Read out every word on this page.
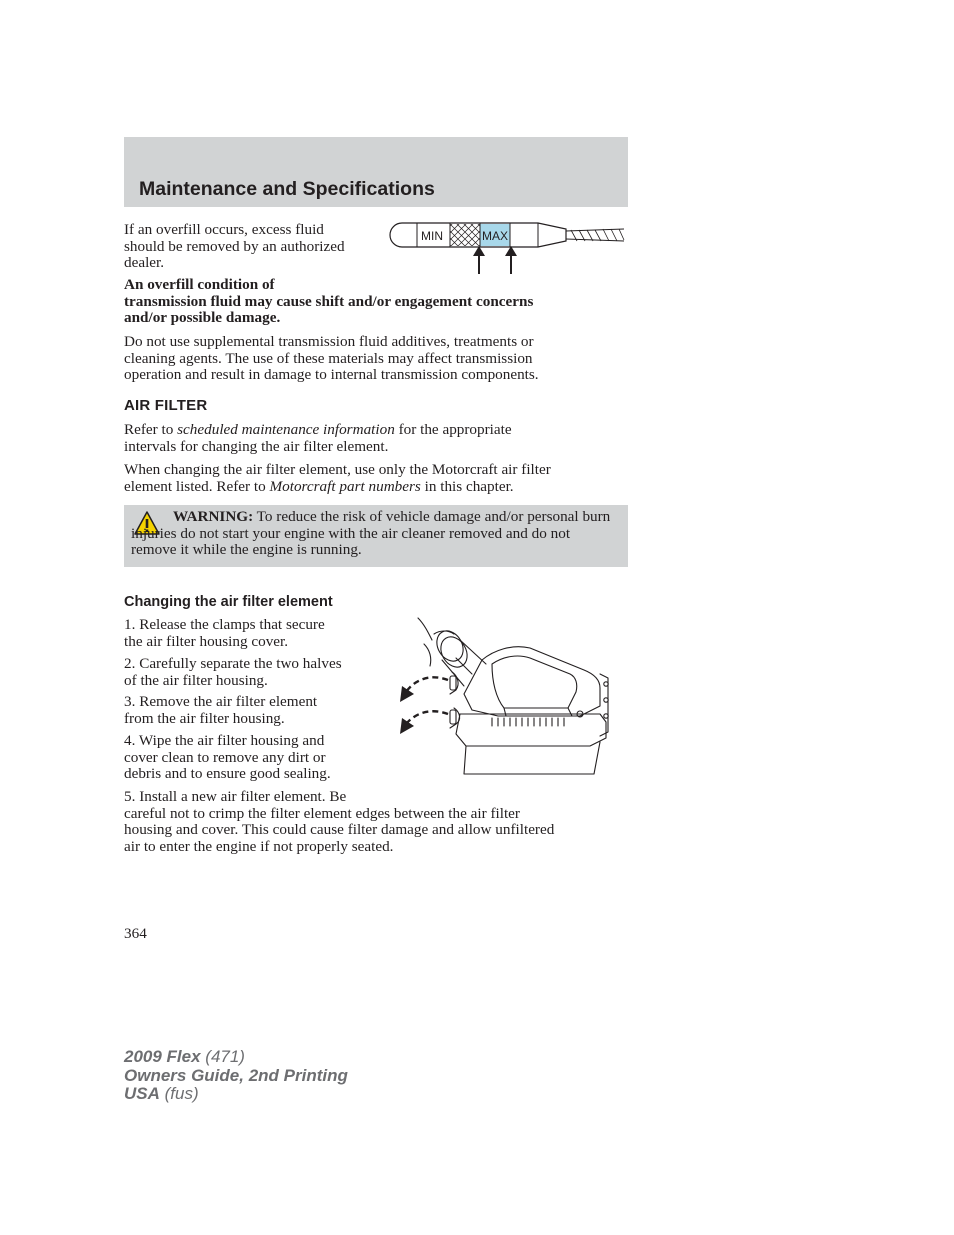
Maintenance and Specifications

If an overfill occurs, excess fluid

should be removed by an authorized

dealer.

MIN	MAX

An overfill condition of

transmission fluid may cause shift and/or engagement concerns

and/or possible damage.

Do not use supplemental transmission fluid additives, treatments or

cleaning agents. The use of these materials may affect transmission

operation and result in damage to internal transmission components.

AIR FILTER

Refer to scheduled maintenance information for the appropriate

intervals for changing the air filter element.

When changing the air filter element, use only the Motorcraft air filter

element listed. Refer to Motorcraft part numbers in this chapter.

WARNING: To reduce the risk of vehicle damage and/or personal burn injuries do not start your engine with the air cleaner removed and do not remove it while the engine is running.
Changing the air filter element

1. Release the clamps that secure

the air filter housing cover.

2. Carefully separate the two halves

of the air filter housing.

3. Remove the air filter element

from the air filter housing.

4. Wipe the air filter housing and

cover clean to remove any dirt or

debris and to ensure good sealing.

5. Install a new air filter element. Be

careful not to crimp the filter element edges between the air filter

housing and cover. This could cause filter damage and allow unfiltered

air to enter the engine if not properly seated.

364

2009 Flex (471)

Owners Guide, 2nd Printing

USA (fus)
